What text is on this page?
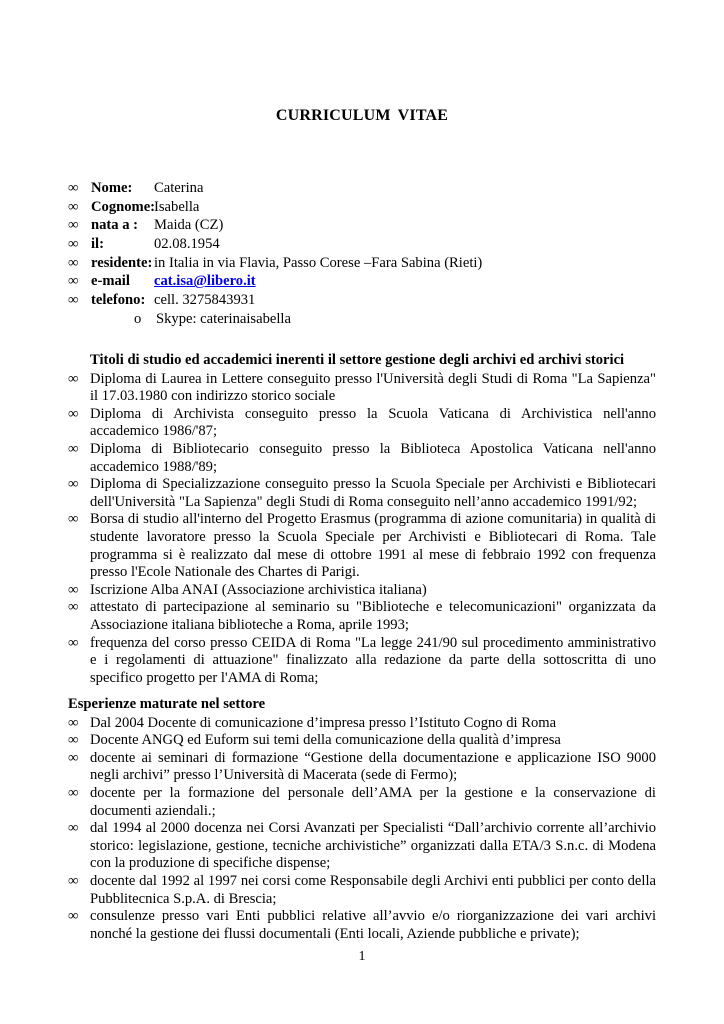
CURRICULUM VITAE
∞ Nome: Caterina
∞ Cognome:
Isabella
∞ nata a : Maida (CZ)
∞ il:	02.08.1954
∞ residente: in Italia in via Flavia, Passo Corese –Fara Sabina (Rieti)
∞ e-mail cat.isa@libero.it
∞ telefono: cell. 3275843931
o Skype: caterinaisabella
Titoli di studio ed accademici inerenti il settore gestione degli archivi ed archivi storici
∞ Diploma di Laurea in Lettere conseguito presso l'Università degli Studi di Roma "La Sapienza" il 17.03.1980 con indirizzo storico sociale
∞ Diploma di Archivista conseguito presso la Scuola Vaticana di Archivistica nell'anno accademico 1986/'87;
∞ Diploma di Bibliotecario conseguito presso la Biblioteca Apostolica Vaticana nell'anno accademico 1988/'89;
∞ Diploma di Specializzazione conseguito presso la Scuola Speciale per Archivisti e Bibliotecari dell'Università "La Sapienza" degli Studi di Roma conseguito nell’anno accademico 1991/92;
∞ Borsa di studio all'interno del Progetto Erasmus (programma di azione comunitaria) in qualità di studente lavoratore presso la Scuola Speciale per Archivisti e Bibliotecari di Roma. Tale programma si è realizzato dal mese di ottobre 1991 al mese di febbraio 1992 con frequenza presso l'Ecole Nationale des Chartes di Parigi.
∞ Iscrizione Alba ANAI (Associazione archivistica italiana)
∞ attestato di partecipazione al seminario su "Biblioteche e telecomunicazioni" organizzata da Associazione italiana biblioteche a Roma, aprile 1993;
∞ frequenza del corso presso CEIDA di Roma "La legge 241/90 sul procedimento amministrativo e i regolamenti di attuazione" finalizzato alla redazione da parte della sottoscritta di uno specifico progetto per l'AMA di Roma;
Esperienze maturate nel settore
∞ Dal 2004 Docente di comunicazione d’impresa presso l’Istituto Cogno di Roma
∞ Docente ANGQ ed Euform sui temi della comunicazione della qualità d’impresa
∞ docente ai seminari di formazione “Gestione della documentazione e applicazione ISO 9000 negli archivi” presso l’Università di Macerata (sede di Fermo);
∞ docente per la formazione del personale dell’AMA per la gestione e la conservazione di documenti aziendali.;
∞ dal 1994 al 2000 docenza nei Corsi Avanzati per Specialisti “Dall’archivio corrente all’archivio storico: legislazione, gestione, tecniche archivistiche” organizzati dalla ETA/3 S.n.c. di Modena con la produzione di specifiche dispense;
∞ docente dal 1992 al 1997 nei corsi come Responsabile degli Archivi enti pubblici per conto della Pubblitecnica S.p.A. di Brescia;
∞ consulenze presso vari Enti pubblici relative all’avvio e/o riorganizzazione dei vari archivi nonché la gestione dei flussi documentali (Enti locali, Aziende pubbliche e private);
1
